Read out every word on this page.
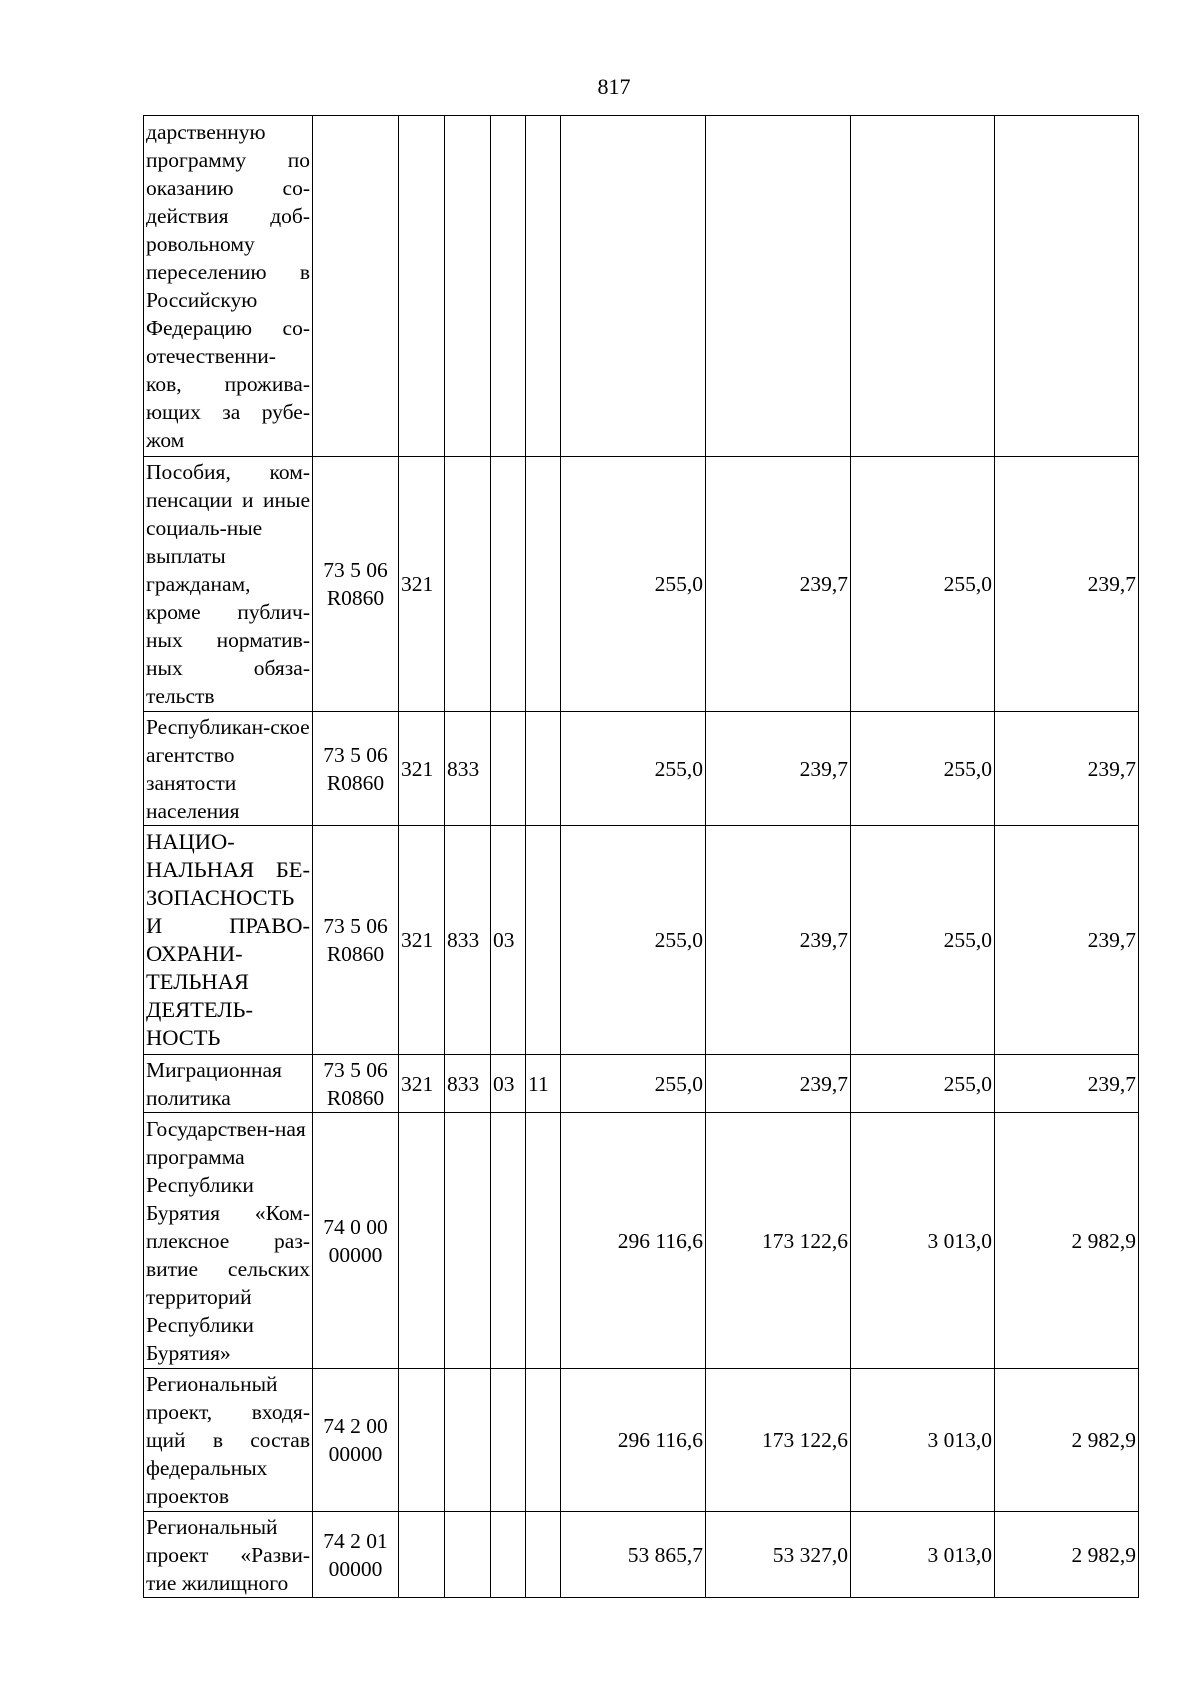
817
дарственную программу по оказанию со-действия доб-ровольному переселению в Российскую Федерацию со-отечественни-ков, прожива-ющих за рубе-жом									
Пособия, ком-пенсации и иные социаль-ные выплаты гражданам, кроме публич-ных норматив-ных обяза-тельств	73 5 06 R0860	321				255,0	239,7	255,0	239,7
Республикан-ское агентство занятости населения	73 5 06 R0860	321	833			255,0	239,7	255,0	239,7
НАЦИО-НАЛЬНАЯ БЕ-ЗОПАСНОСТЬ И ПРАВО-ОХРАНИ-ТЕЛЬНАЯ ДЕЯТЕЛЬ-НОСТЬ	73 5 06 R0860	321	833	03		255,0	239,7	255,0	239,7
Миграционная политика	73 5 06 R0860	321	833	03	11	255,0	239,7	255,0	239,7
Государствен-ная программа Республики Бурятия «Ком-плексное раз-витие сельских территорий Республики Бурятия»	74 0 00 00000					296 116,6	173 122,6	3 013,0	2 982,9
Региональный проект, входя-щий в состав федеральных проектов	74 2 00 00000					296 116,6	173 122,6	3 013,0	2 982,9
Региональный проект «Разви-тие жилищного	74 2 01 00000					53 865,7	53 327,0	3 013,0	2 982,9
